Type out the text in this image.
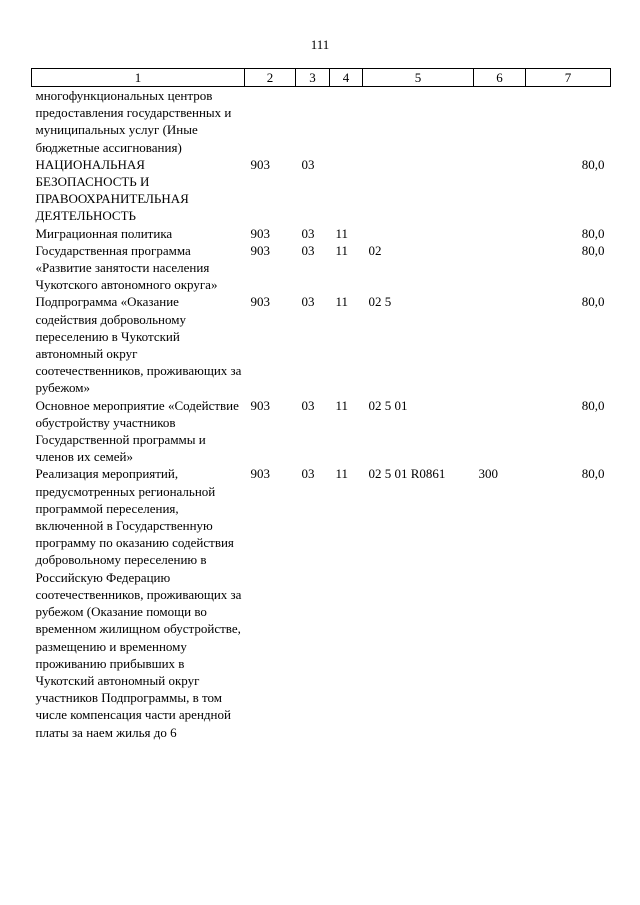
111
1	2	3	4	5	6	7
многофункциональных центров предоставления государственных и муниципальных услуг (Иные бюджетные ассигнования)						
НАЦИОНАЛЬНАЯ БЕЗОПАСНОСТЬ И ПРАВООХРАНИТЕЛЬНАЯ ДЕЯТЕЛЬНОСТЬ	903	03				80,0
Миграционная политика	903	03	11			80,0
Государственная программа «Развитие занятости населения Чукотского автономного округа»	903	03	11	02		80,0
Подпрограмма «Оказание содействия добровольному переселению в Чукотский автономный округ соотечественников, проживающих за рубежом»	903	03	11	02 5		80,0
Основное мероприятие «Содействие обустройству участников Государственной программы и членов их семей»	903	03	11	02 5 01		80,0
Реализация мероприятий, предусмотренных региональной программой переселения, включенной в Государственную программу по оказанию содействия добровольному переселению в Российскую Федерацию соотечественников, проживающих за рубежом (Оказание помощи во временном жилищном обустройстве, размещению и временному проживанию прибывших в Чукотский автономный округ участников Подпрограммы, в том числе компенсация части арендной платы за наем жилья до 6	903	03	11	02 5 01 R0861	300	80,0
